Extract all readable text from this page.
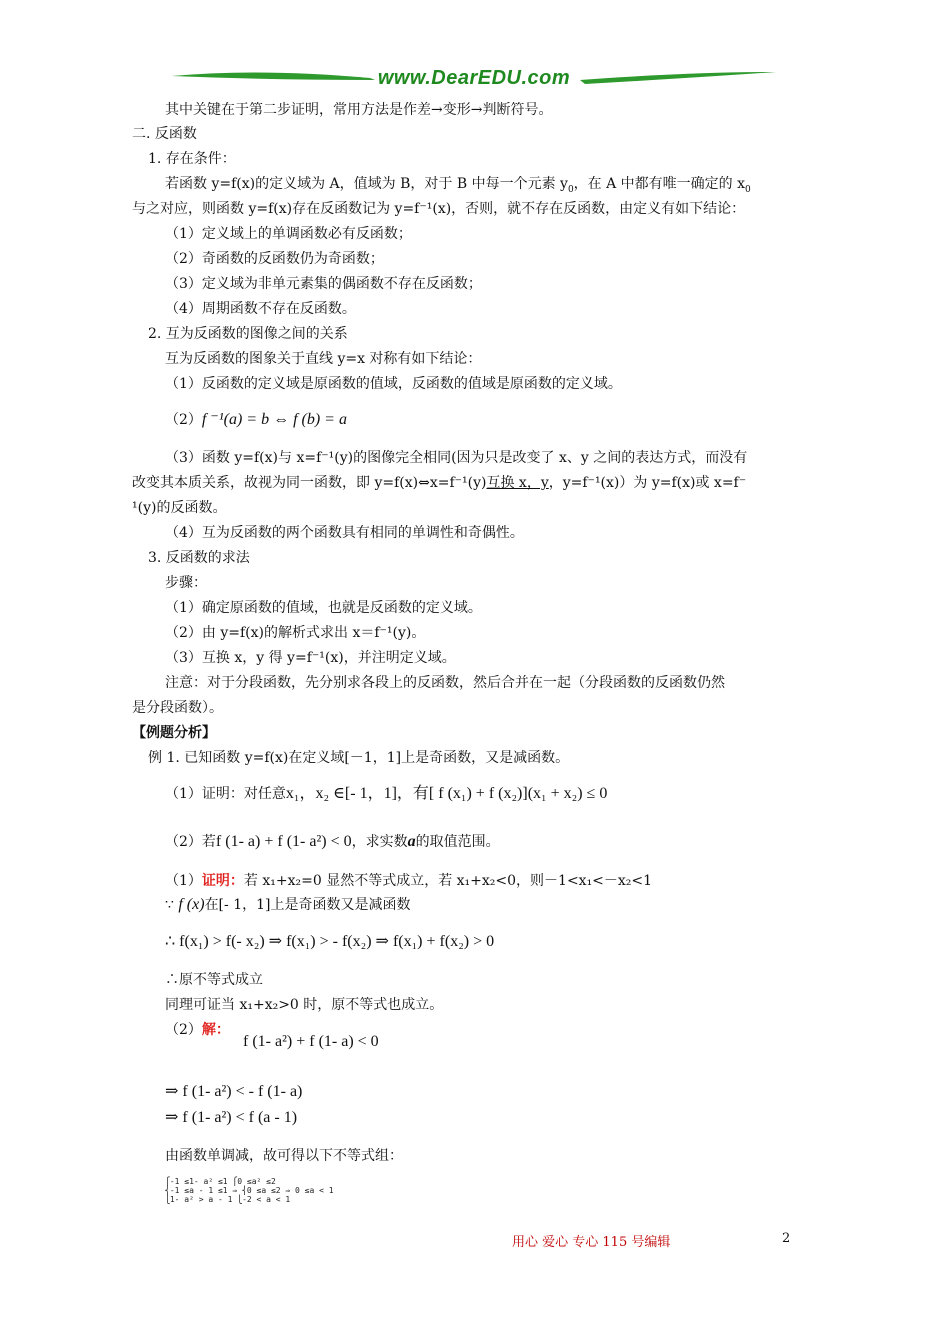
www.DearEDU.com
其中关键在于第二步证明，常用方法是作差→变形→判断符号。
二. 反函数
1. 存在条件：
若函数 y=f(x)的定义域为 A，值域为 B，对于 B 中每一个元素 $y_0$，在 A 中都有唯一确定的 $x_0$
与之对应，则函数 y=f(x)存在反函数记为 y=f⁻¹(x)，否则，就不存在反函数，由定义有如下结论：
（1）定义域上的单调函数必有反函数；
（2）奇函数的反函数仍为奇函数；
（3）定义域为非单元素集的偶函数不存在反函数；
（4）周期函数不存在反函数。
2. 互为反函数的图像之间的关系
互为反函数的图象关于直线 y=x 对称有如下结论：
（1）反函数的定义域是原函数的值域，反函数的值域是原函数的定义域。
（2）f ⁻¹(a) = b ⇔ f (b) = a
（3）函数 y=f(x)与 x=f⁻¹(y)的图像完全相同(因为只是改变了 x、y 之间的表达方式，而没有
改变其本质关系，故视为同一函数，即 y=f(x)⇔x=f⁻¹(y)互换 x，y，y=f⁻¹(x)）为 y=f(x)或 x=f⁻
¹(y)的反函数。
（4）互为反函数的两个函数具有相同的单调性和奇偶性。
3. 反函数的求法
步骤：
（1）确定原函数的值域，也就是反函数的定义域。
（2）由 y=f(x)的解析式求出 x＝f⁻¹(y)。
（3）互换 x，y 得 y=f⁻¹(x)，并注明定义域。
注意：对于分段函数，先分别求各段上的反函数，然后合并在一起（分段函数的反函数仍然
是分段函数）。
【例题分析】
例 1. 已知函数 y=f(x)在定义域[－1，1]上是奇函数，又是减函数。
（1）证明：对任意x₁，x₂ ∈[- 1，1]，有[ f (x₁) + f (x₂)](x₁ + x₂) ≤ 0
（2）若f (1- a) + f (1- a²) < 0，求实数a的取值范围。
（1）证明：若 x₁+x₂=0 显然不等式成立，若 x₁+x₂<0，则－1<x₁<－x₂<1
∵ f (x)在[- 1，1]上是奇函数又是减函数
∴ f(x₁) > f(- x₂) ⇒ f(x₁) > - f(x₂) ⇒ f(x₁) + f(x₂) > 0
∴原不等式成立
同理可证当 x₁+x₂>0 时，原不等式也成立。
（2）解：
f (1- a²) + f (1- a) < 0
⇒ f (1- a²) < - f (1- a)
⇒ f (1- a²) < f (a - 1)
由函数单调减，故可得以下不等式组：
⎧-1 ≤1- a² ≤1 ⎧0 ≤a² ≤2
⎨-1 ≤a - 1 ≤1 ⇒ ⎨0 ≤a ≤2 ⇒ 0 ≤a < 1
⎩1- a² > a - 1 ⎩-2 < a < 1
用心 爱心 专心 115 号编辑	2
